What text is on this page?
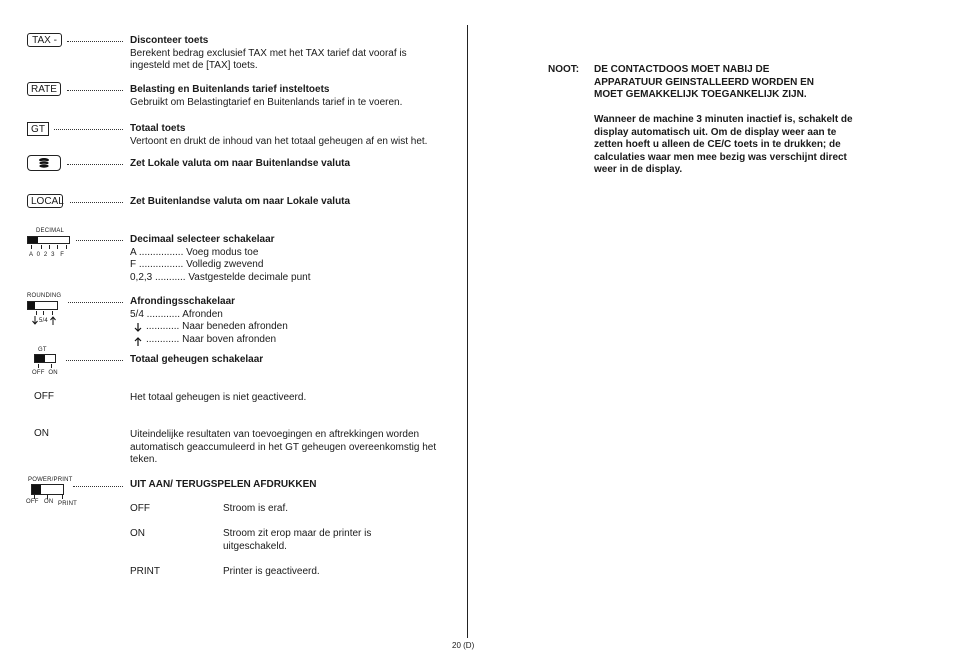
TAX -	Disconteer toets
Berekent bedrag exclusief TAX met het TAX tarief dat vooraf is ingesteld met de [TAX] toets.
RATE	Belasting en Buitenlands tarief insteltoets
Gebruikt om Belastingtarief en Buitenlands tarief in te voeren.
GT	Totaal toets
Vertoont en drukt de inhoud van het totaal geheugen af en wist het.
Zet Lokale valuta om naar Buitenlandse valuta
LOCAL	Zet Buitenlandse valuta om naar Lokale valuta
DECIMAL
A  0  2  3   F
Decimaal selecteer schakelaar
A ................ Voeg modus toe
F ................ Volledig zwevend
0,2,3 ........... Vastgestelde decimale punt
ROUNDING
5/4
Afrondingsschakelaar
5/4 ............ Afronden
............ Naar beneden afronden
............ Naar boven afronden
GT
OFF  ON
Totaal geheugen schakelaar
OFF	Het totaal geheugen is niet geactiveerd.
ON	Uiteindelijke resultaten van toevoegingen en aftrekkingen worden automatisch geaccumuleerd in het GT geheugen overeenkomstig het teken.
POWER/PRINT
OFF ON PRINT
UIT AAN/ TERUGSPELEN AFDRUKKEN
OFF	Stroom is eraf.
ON	Stroom zit erop maar de printer is uitgeschakeld.
PRINT	Printer is geactiveerd.
NOOT: DE CONTACTDOOS MOET NABIJ DE APPARATUUR GEINSTALLEERD WORDEN EN MOET GEMAKKELIJK TOEGANKELIJK ZIJN.
Wanneer de machine 3 minuten inactief is, schakelt de display automatisch uit. Om de display weer aan te zetten hoeft u alleen de CE/C toets in te drukken; de calculaties waar men mee bezig was verschijnt direct weer in de display.
20 (D)
